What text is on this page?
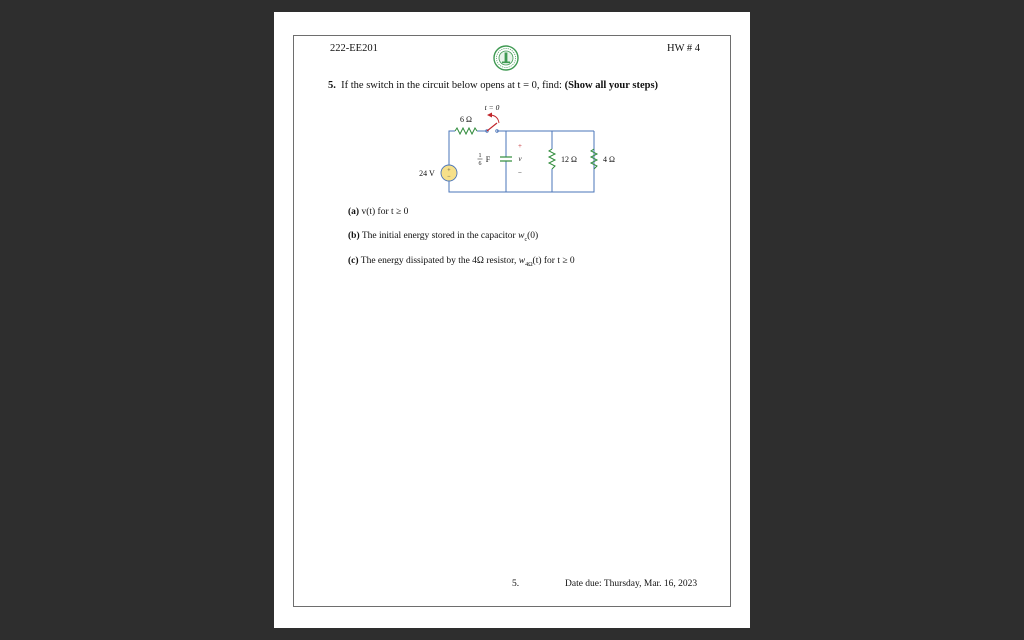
222-EE201	HW # 4
5. If the switch in the circuit below opens at t = 0, find: (Show all your steps)
+
−
t = 0
6 Ω
24 V
1
6 F
+
v
−
12 Ω	4 Ω
(a) v(t) for t ≥ 0
(b) The initial energy stored in the capacitor $w_c(0)$
(c) The energy dissipated by the 4Ω resistor, $w_{4\Omega}(t)$ for t ≥ 0
5.	Date due: Thursday, Mar. 16, 2023
